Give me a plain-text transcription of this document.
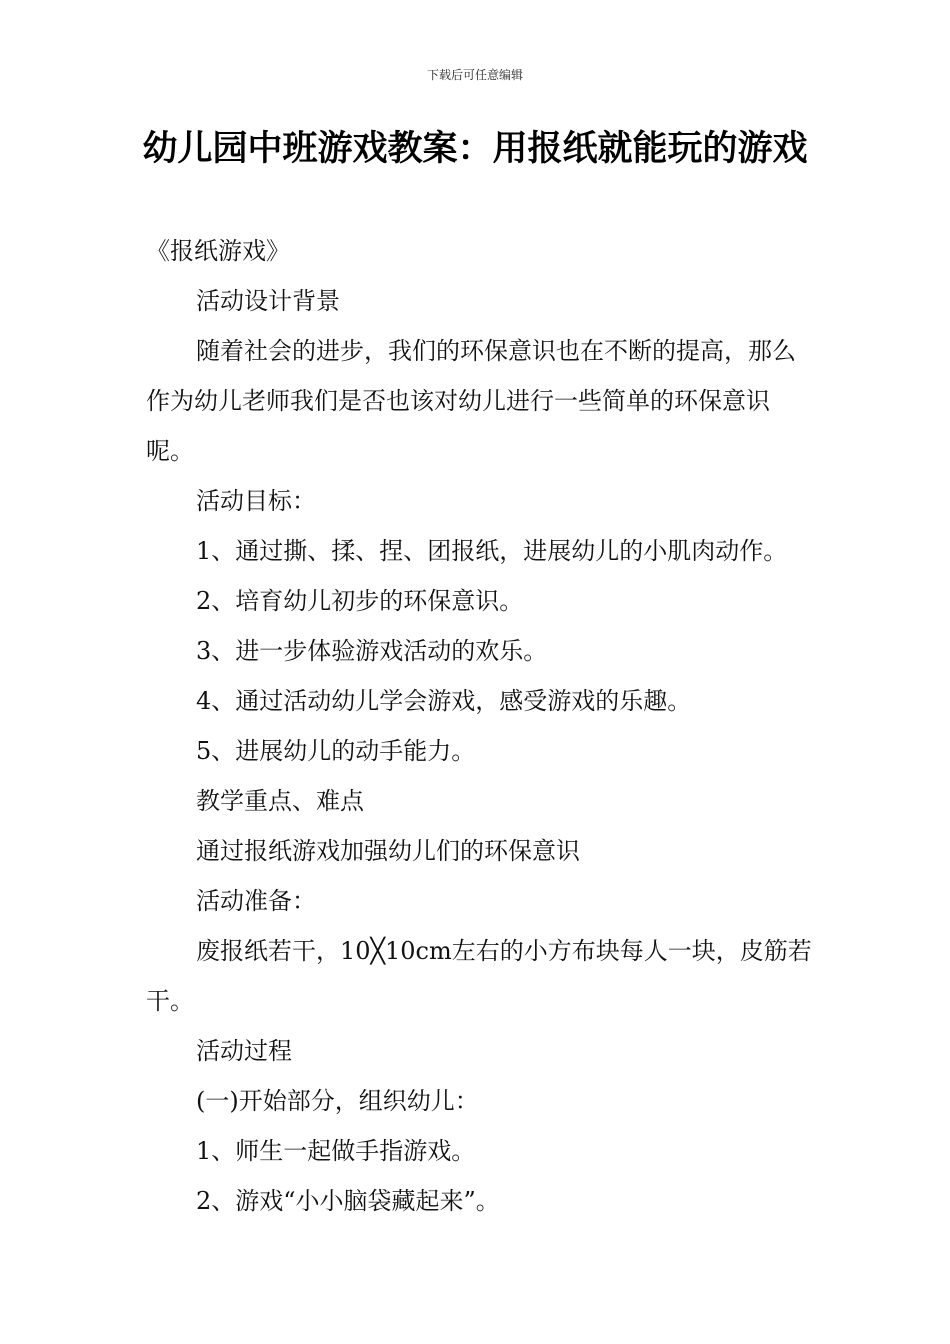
下载后可任意编辑
幼儿园中班游戏教案：用报纸就能玩的游戏

《报纸游戏》

活动设计背景

随着社会的进步，我们的环保意识也在不断的提高，那么作为幼儿老师我们是否也该对幼儿进行一些简单的环保意识呢。

活动目标：

1、通过撕、揉、捏、团报纸，进展幼儿的小肌肉动作。

2、培育幼儿初步的环保意识。

3、进一步体验游戏活动的欢乐。

4、通过活动幼儿学会游戏，感受游戏的乐趣。

5、进展幼儿的动手能力。

教学重点、难点

通过报纸游戏加强幼儿们的环保意识

活动准备：

废报纸若干，10╳10cm左右的小方布块每人一块，皮筋若干。

活动过程

(一)开始部分，组织幼儿：

1、师生一起做手指游戏。

2、游戏“小小脑袋藏起来”。
